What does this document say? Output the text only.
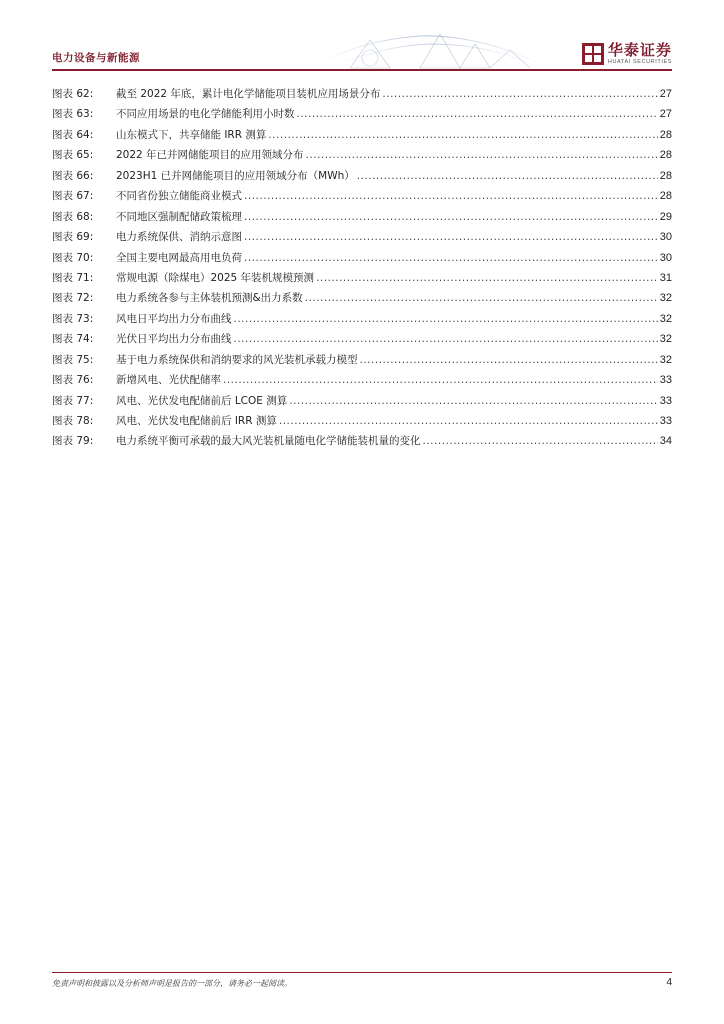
电力设备与新能源	华泰证券
HUATAI SECURITIES
图表 62:	截至 2022 年底，累计电化学储能项目装机应用场景分布 .....	27
图表 63:	不同应用场景的电化学储能利用小时数 .....	27
图表 64:	山东模式下，共享储能 IRR 测算 .....	28
图表 65:	2022 年已并网储能项目的应用领域分布 .....	28
图表 66:	2023H1 已并网储能项目的应用领域分布（MWh） .....	28
图表 67:	不同省份独立储能商业模式 .....	28
图表 68:	不同地区强制配储政策梳理 .....	29
图表 69:	电力系统保供、消纳示意图 .....	30
图表 70:	全国主要电网最高用电负荷 .....	30
图表 71:	常规电源（除煤电）2025 年装机规模预测 .....	31
图表 72:	电力系统各参与主体装机预测&出力系数 .....	32
图表 73:	风电日平均出力分布曲线 .....	32
图表 74:	光伏日平均出力分布曲线 .....	32
图表 75:	基于电力系统保供和消纳要求的风光装机承载力模型 .....	32
图表 76:	新增风电、光伏配储率 .....	33
图表 77:	风电、光伏发电配储前后 LCOE 测算 .....	33
图表 78:	风电、光伏发电配储前后 IRR 测算 .....	33
图表 79:	电力系统平衡可承载的最大风光装机量随电化学储能装机量的变化 .....	34
免责声明和披露以及分析师声明是报告的一部分，请务必一起阅读。	4
